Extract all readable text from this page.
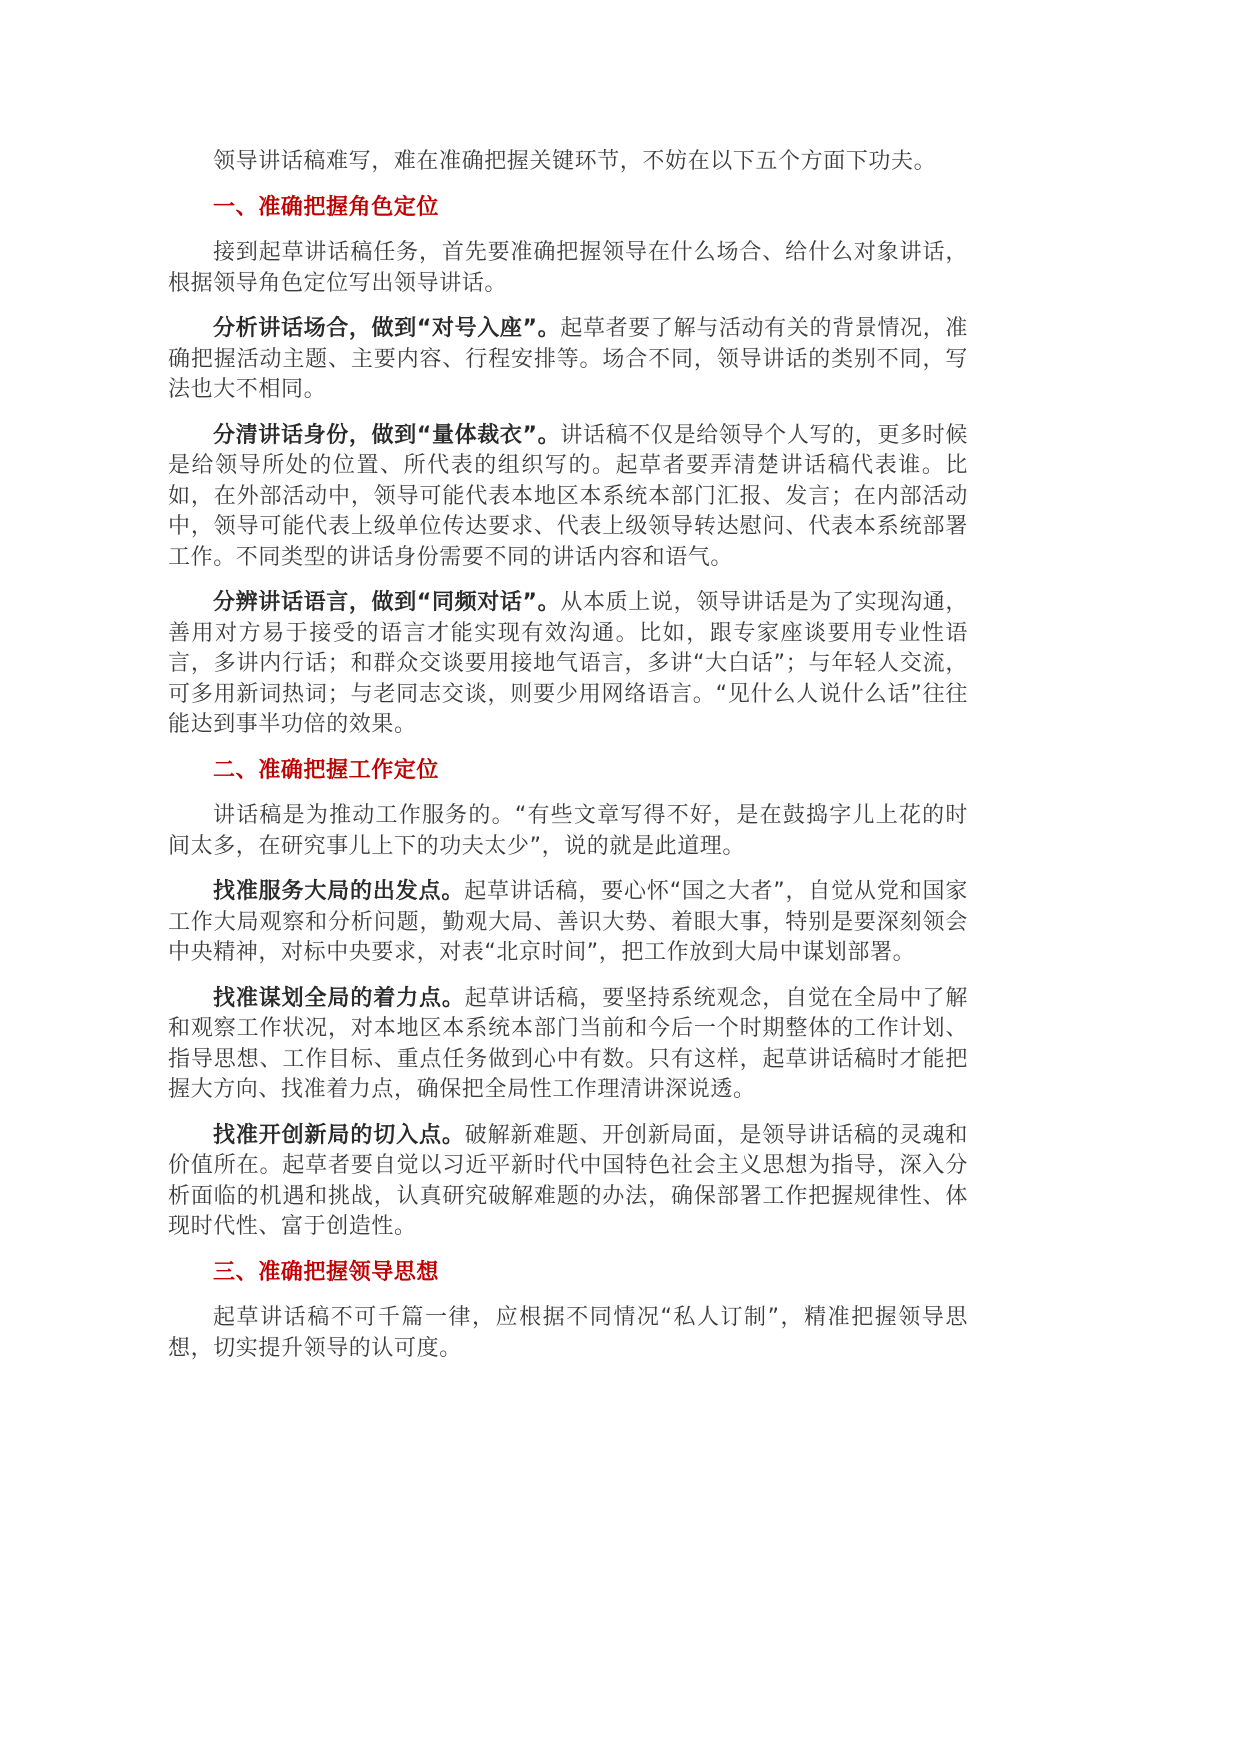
领导讲话稿难写，难在准确把握关键环节，不妨在以下五个方面下功夫。

一、准确把握角色定位

接到起草讲话稿任务，首先要准确把握领导在什么场合、给什么对象讲话，根据领导角色定位写出领导讲话。

分析讲话场合，做到“对号入座”。起草者要了解与活动有关的背景情况，准确把握活动主题、主要内容、行程安排等。场合不同，领导讲话的类别不同，写法也大不相同。

分清讲话身份，做到“量体裁衣”。讲话稿不仅是给领导个人写的，更多时候是给领导所处的位置、所代表的组织写的。起草者要弄清楚讲话稿代表谁。比如，在外部活动中，领导可能代表本地区本系统本部门汇报、发言；在内部活动中，领导可能代表上级单位传达要求、代表上级领导转达慰问、代表本系统部署工作。不同类型的讲话身份需要不同的讲话内容和语气。

分辨讲话语言，做到“同频对话”。从本质上说，领导讲话是为了实现沟通，善用对方易于接受的语言才能实现有效沟通。比如，跟专家座谈要用专业性语言，多讲内行话；和群众交谈要用接地气语言，多讲“大白话”；与年轻人交流，可多用新词热词；与老同志交谈，则要少用网络语言。“见什么人说什么话”往往能达到事半功倍的效果。

二、准确把握工作定位

讲话稿是为推动工作服务的。“有些文章写得不好，是在鼓捣字儿上花的时间太多，在研究事儿上下的功夫太少”，说的就是此道理。

找准服务大局的出发点。起草讲话稿，要心怀“国之大者”，自觉从党和国家工作大局观察和分析问题，勤观大局、善识大势、着眼大事，特别是要深刻领会中央精神，对标中央要求，对表“北京时间”，把工作放到大局中谋划部署。

找准谋划全局的着力点。起草讲话稿，要坚持系统观念，自觉在全局中了解和观察工作状况，对本地区本系统本部门当前和今后一个时期整体的工作计划、指导思想、工作目标、重点任务做到心中有数。只有这样，起草讲话稿时才能把握大方向、找准着力点，确保把全局性工作理清讲深说透。

找准开创新局的切入点。破解新难题、开创新局面，是领导讲话稿的灵魂和价值所在。起草者要自觉以习近平新时代中国特色社会主义思想为指导，深入分析面临的机遇和挑战，认真研究破解难题的办法，确保部署工作把握规律性、体现时代性、富于创造性。

三、准确把握领导思想

起草讲话稿不可千篇一律，应根据不同情况“私人订制”，精准把握领导思想，切实提升领导的认可度。
